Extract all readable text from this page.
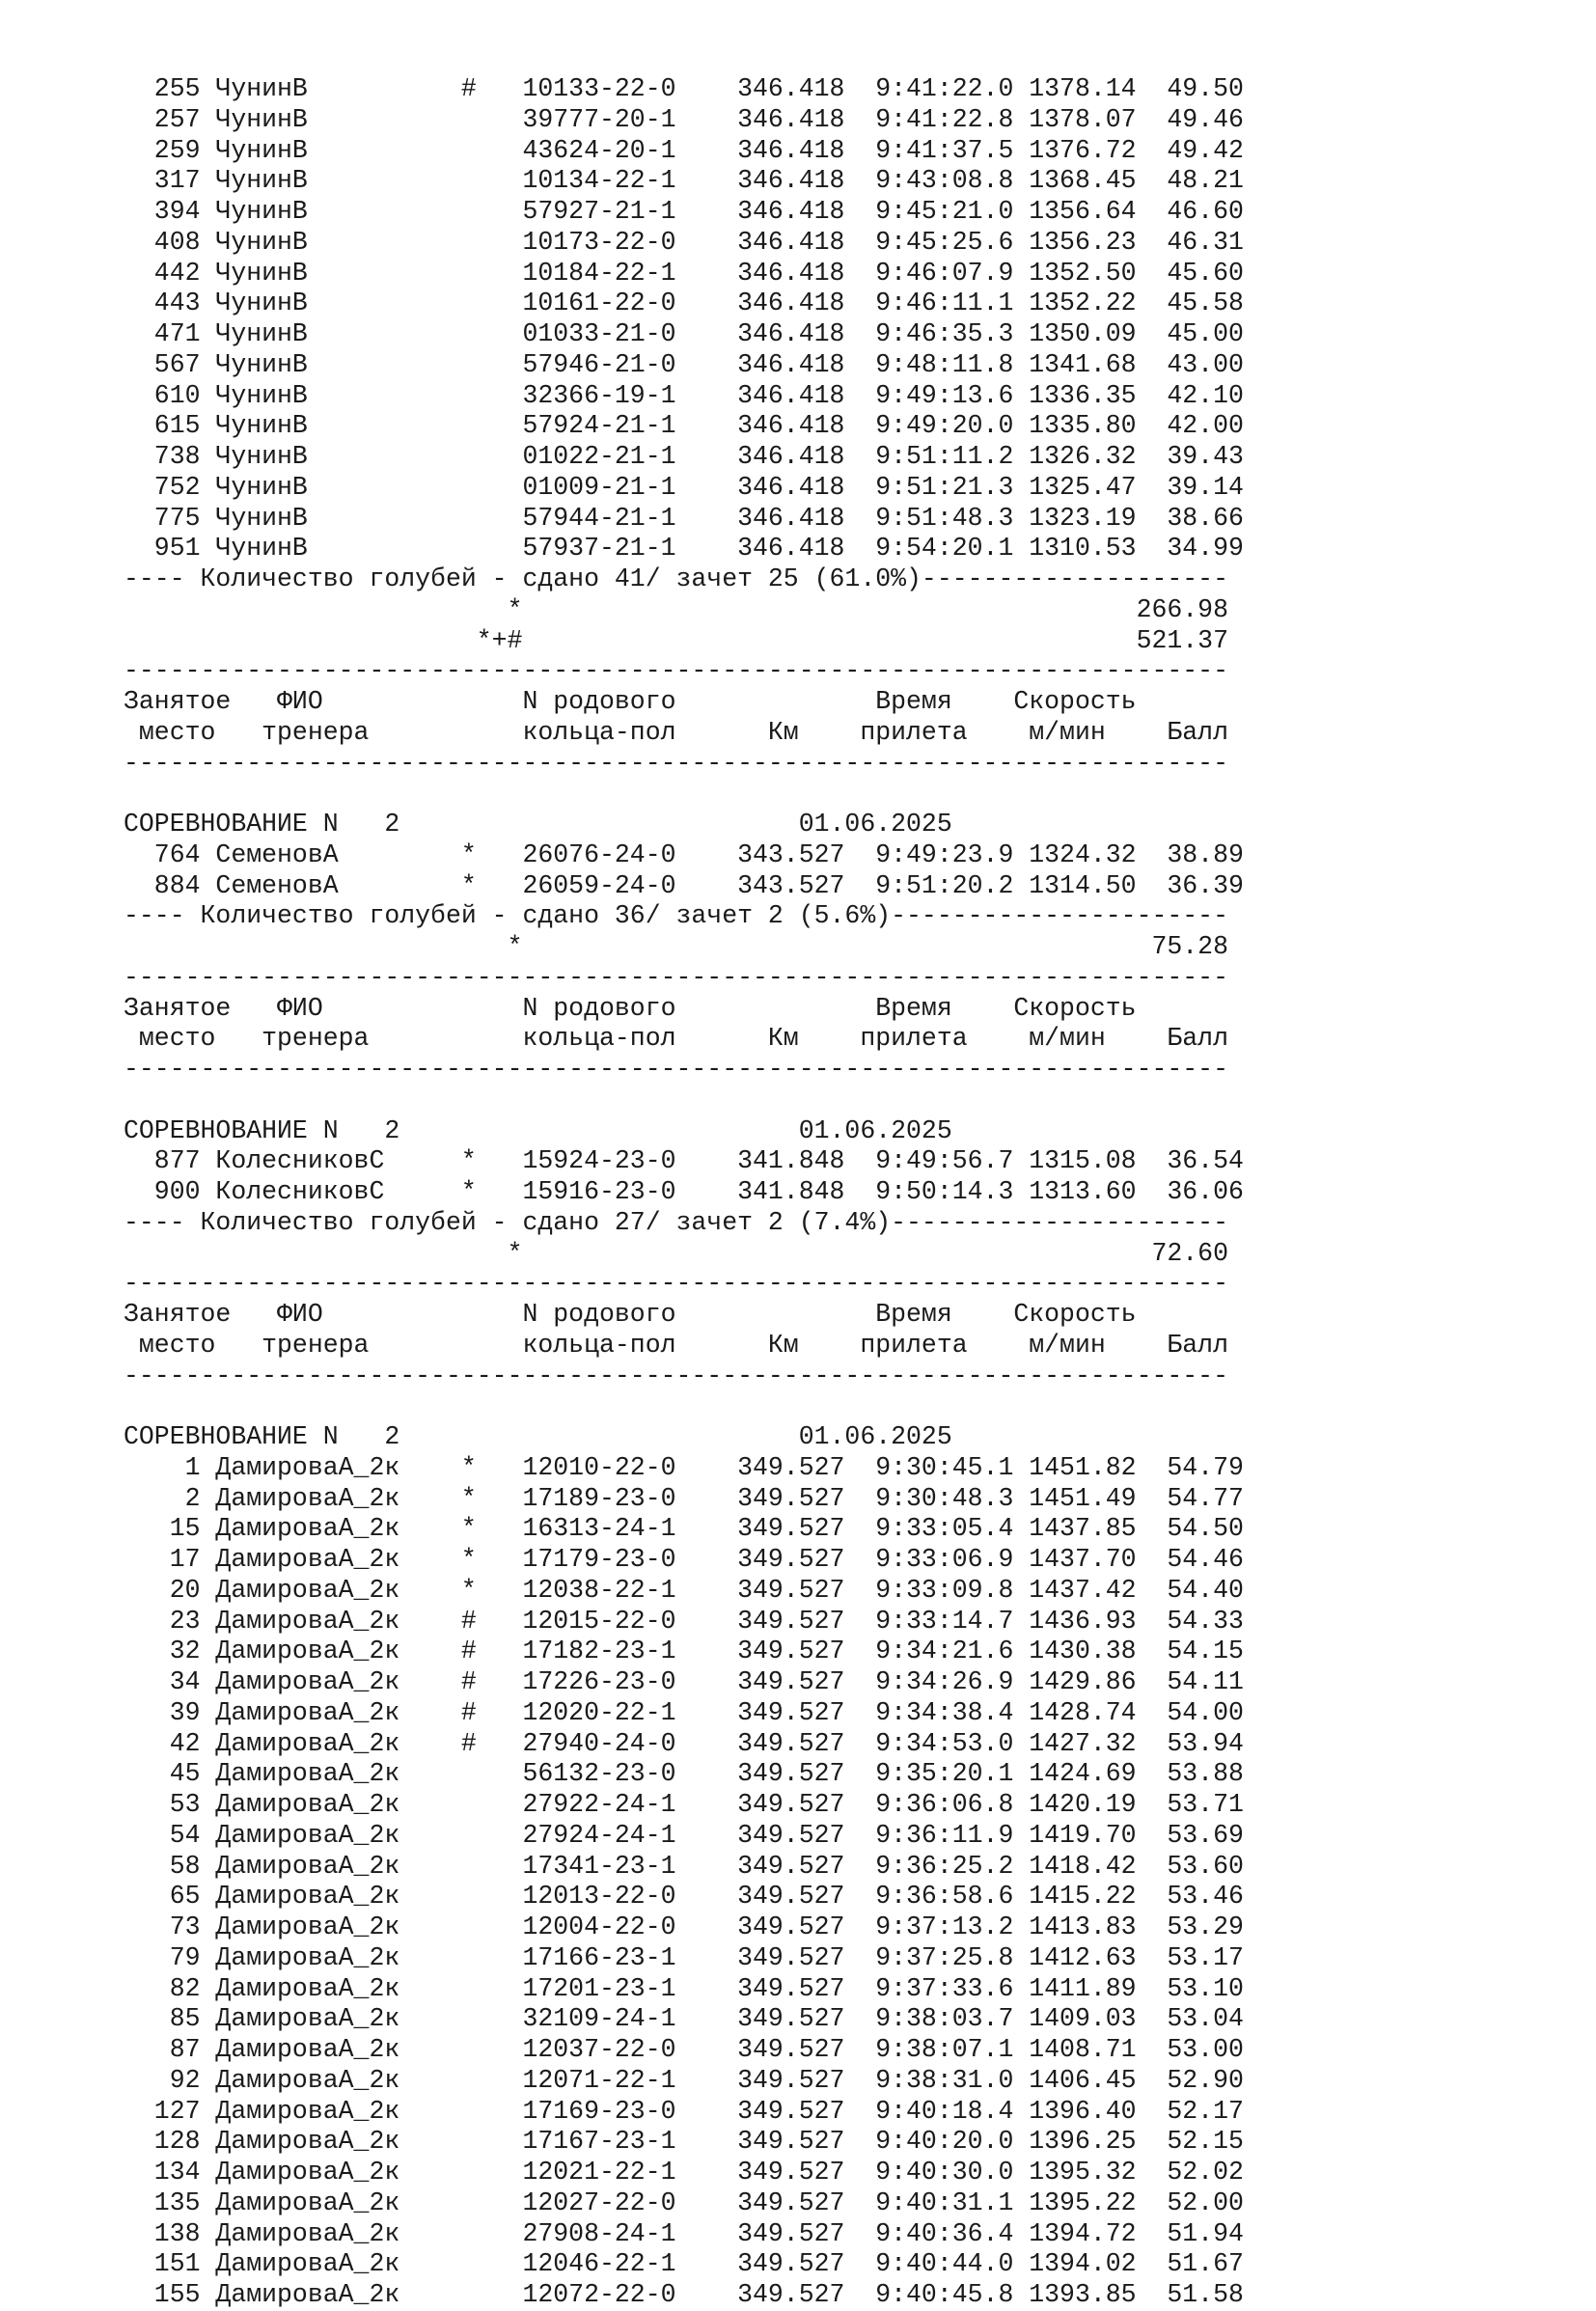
255 ЧунинВ          #   10133-22-0    346.418  9:41:22.0 1378.14  49.50
257 ЧунинВ              39777-20-1    346.418  9:41:22.8 1378.07  49.46
259 ЧунинВ              43624-20-1    346.418  9:41:37.5 1376.72  49.42
317 ЧунинВ              10134-22-1    346.418  9:43:08.8 1368.45  48.21
394 ЧунинВ              57927-21-1    346.418  9:45:21.0 1356.64  46.60
408 ЧунинВ              10173-22-0    346.418  9:45:25.6 1356.23  46.31
442 ЧунинВ              10184-22-1    346.418  9:46:07.9 1352.50  45.60
443 ЧунинВ              10161-22-0    346.418  9:46:11.1 1352.22  45.58
471 ЧунинВ              01033-21-0    346.418  9:46:35.3 1350.09  45.00
567 ЧунинВ              57946-21-0    346.418  9:48:11.8 1341.68  43.00
610 ЧунинВ              32366-19-1    346.418  9:49:13.6 1336.35  42.10
615 ЧунинВ              57924-21-1    346.418  9:49:20.0 1335.80  42.00
738 ЧунинВ              01022-21-1    346.418  9:51:11.2 1326.32  39.43
752 ЧунинВ              01009-21-1    346.418  9:51:21.3 1325.47  39.14
775 ЧунинВ              57944-21-1    346.418  9:51:48.3 1323.19  38.66
951 ЧунинВ              57937-21-1    346.418  9:54:20.1 1310.53  34.99
---- Количество голубей - сдано 41/ зачет 25 (61.0%)--------------------
*                                        266.98
*+#                                        521.37
------------------------------------------------------------------------
Занятое   ФИО             N родового             Время    Скорость
место   тренера          кольца-пол      Км    прилета    м/мин    Балл
------------------------------------------------------------------------
СОРЕВНОВАНИЕ N   2                          01.06.2025
764 СеменовА        *   26076-24-0    343.527  9:49:23.9 1324.32  38.89
884 СеменовА        *   26059-24-0    343.527  9:51:20.2 1314.50  36.39
---- Количество голубей - сдано 36/ зачет 2 (5.6%)----------------------
*                                         75.28
------------------------------------------------------------------------
Занятое   ФИО             N родового             Время    Скорость
место   тренера          кольца-пол      Км    прилета    м/мин    Балл
------------------------------------------------------------------------
СОРЕВНОВАНИЕ N   2                          01.06.2025
877 КолесниковС     *   15924-23-0    341.848  9:49:56.7 1315.08  36.54
900 КолесниковС     *   15916-23-0    341.848  9:50:14.3 1313.60  36.06
---- Количество голубей - сдано 27/ зачет 2 (7.4%)----------------------
*                                         72.60
------------------------------------------------------------------------
Занятое   ФИО             N родового             Время    Скорость
место   тренера          кольца-пол      Км    прилета    м/мин    Балл
------------------------------------------------------------------------
СОРЕВНОВАНИЕ N   2                          01.06.2025
1 ДамироваА_2к    *   12010-22-0    349.527  9:30:45.1 1451.82  54.79
2 ДамироваА_2к    *   17189-23-0    349.527  9:30:48.3 1451.49  54.77
15 ДамироваА_2к    *   16313-24-1    349.527  9:33:05.4 1437.85  54.50
17 ДамироваА_2к    *   17179-23-0    349.527  9:33:06.9 1437.70  54.46
20 ДамироваА_2к    *   12038-22-1    349.527  9:33:09.8 1437.42  54.40
23 ДамироваА_2к    #   12015-22-0    349.527  9:33:14.7 1436.93  54.33
32 ДамироваА_2к    #   17182-23-1    349.527  9:34:21.6 1430.38  54.15
34 ДамироваА_2к    #   17226-23-0    349.527  9:34:26.9 1429.86  54.11
39 ДамироваА_2к    #   12020-22-1    349.527  9:34:38.4 1428.74  54.00
42 ДамироваА_2к    #   27940-24-0    349.527  9:34:53.0 1427.32  53.94
45 ДамироваА_2к        56132-23-0    349.527  9:35:20.1 1424.69  53.88
53 ДамироваА_2к        27922-24-1    349.527  9:36:06.8 1420.19  53.71
54 ДамироваА_2к        27924-24-1    349.527  9:36:11.9 1419.70  53.69
58 ДамироваА_2к        17341-23-1    349.527  9:36:25.2 1418.42  53.60
65 ДамироваА_2к        12013-22-0    349.527  9:36:58.6 1415.22  53.46
73 ДамироваА_2к        12004-22-0    349.527  9:37:13.2 1413.83  53.29
79 ДамироваА_2к        17166-23-1    349.527  9:37:25.8 1412.63  53.17
82 ДамироваА_2к        17201-23-1    349.527  9:37:33.6 1411.89  53.10
85 ДамироваА_2к        32109-24-1    349.527  9:38:03.7 1409.03  53.04
87 ДамироваА_2к        12037-22-0    349.527  9:38:07.1 1408.71  53.00
92 ДамироваА_2к        12071-22-1    349.527  9:38:31.0 1406.45  52.90
127 ДамироваА_2к        17169-23-0    349.527  9:40:18.4 1396.40  52.17
128 ДамироваА_2к        17167-23-1    349.527  9:40:20.0 1396.25  52.15
134 ДамироваА_2к        12021-22-1    349.527  9:40:30.0 1395.32  52.02
135 ДамироваА_2к        12027-22-0    349.527  9:40:31.1 1395.22  52.00
138 ДамироваА_2к        27908-24-1    349.527  9:40:36.4 1394.72  51.94
151 ДамироваА_2к        12046-22-1    349.527  9:40:44.0 1394.02  51.67
155 ДамироваА_2к        12072-22-0    349.527  9:40:45.8 1393.85  51.58
